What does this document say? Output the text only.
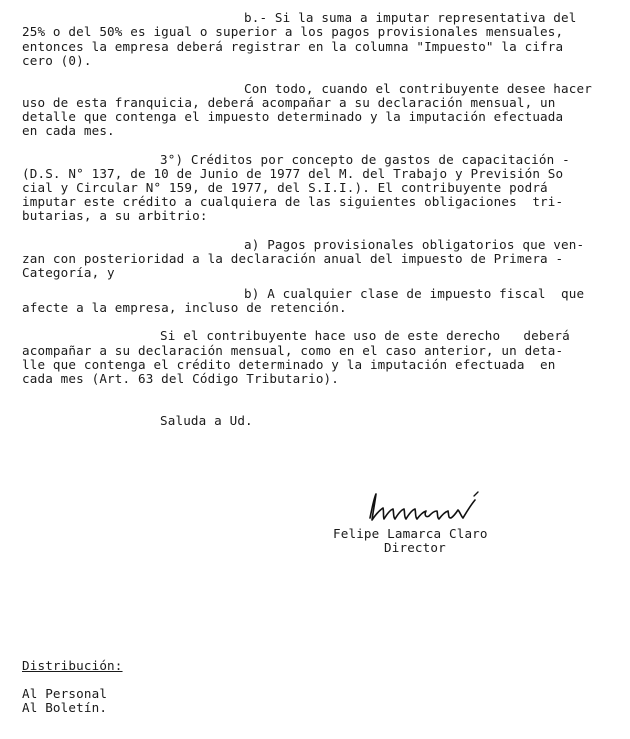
b.- Si la suma a imputar representativa del
25% o del 50% es igual o superior a los pagos provisionales mensuales,
entonces la empresa deberá registrar en la columna "Impuesto" la cifra
cero (0).
Con todo, cuando el contribuyente desee hacer
uso de esta franquicia, deberá acompañar a su declaración mensual, un
detalle que contenga el impuesto determinado y la imputación efectuada
en cada mes.
3°) Créditos por concepto de gastos de capacitación -
(D.S. N° 137, de 10 de Junio de 1977 del M. del Trabajo y Previsión So
cial y Circular N° 159, de 1977, del S.I.I.). El contribuyente podrá
imputar este crédito a cualquiera de las siguientes obligaciones  tri-
butarias, a su arbitrio:
a) Pagos provisionales obligatorios que ven-
zan con posterioridad a la declaración anual del impuesto de Primera -
Categoría, y
b) A cualquier clase de impuesto fiscal  que
afecte a la empresa, incluso de retención.
Si el contribuyente hace uso de este derecho   deberá
acompañar a su declaración mensual, como en el caso anterior, un deta-
lle que contenga el crédito determinado y la imputación efectuada  en
cada mes (Art. 63 del Código Tributario).
Saluda a Ud.
Felipe Lamarca Claro
Director
Distribución:
Al Personal
Al Boletín.
